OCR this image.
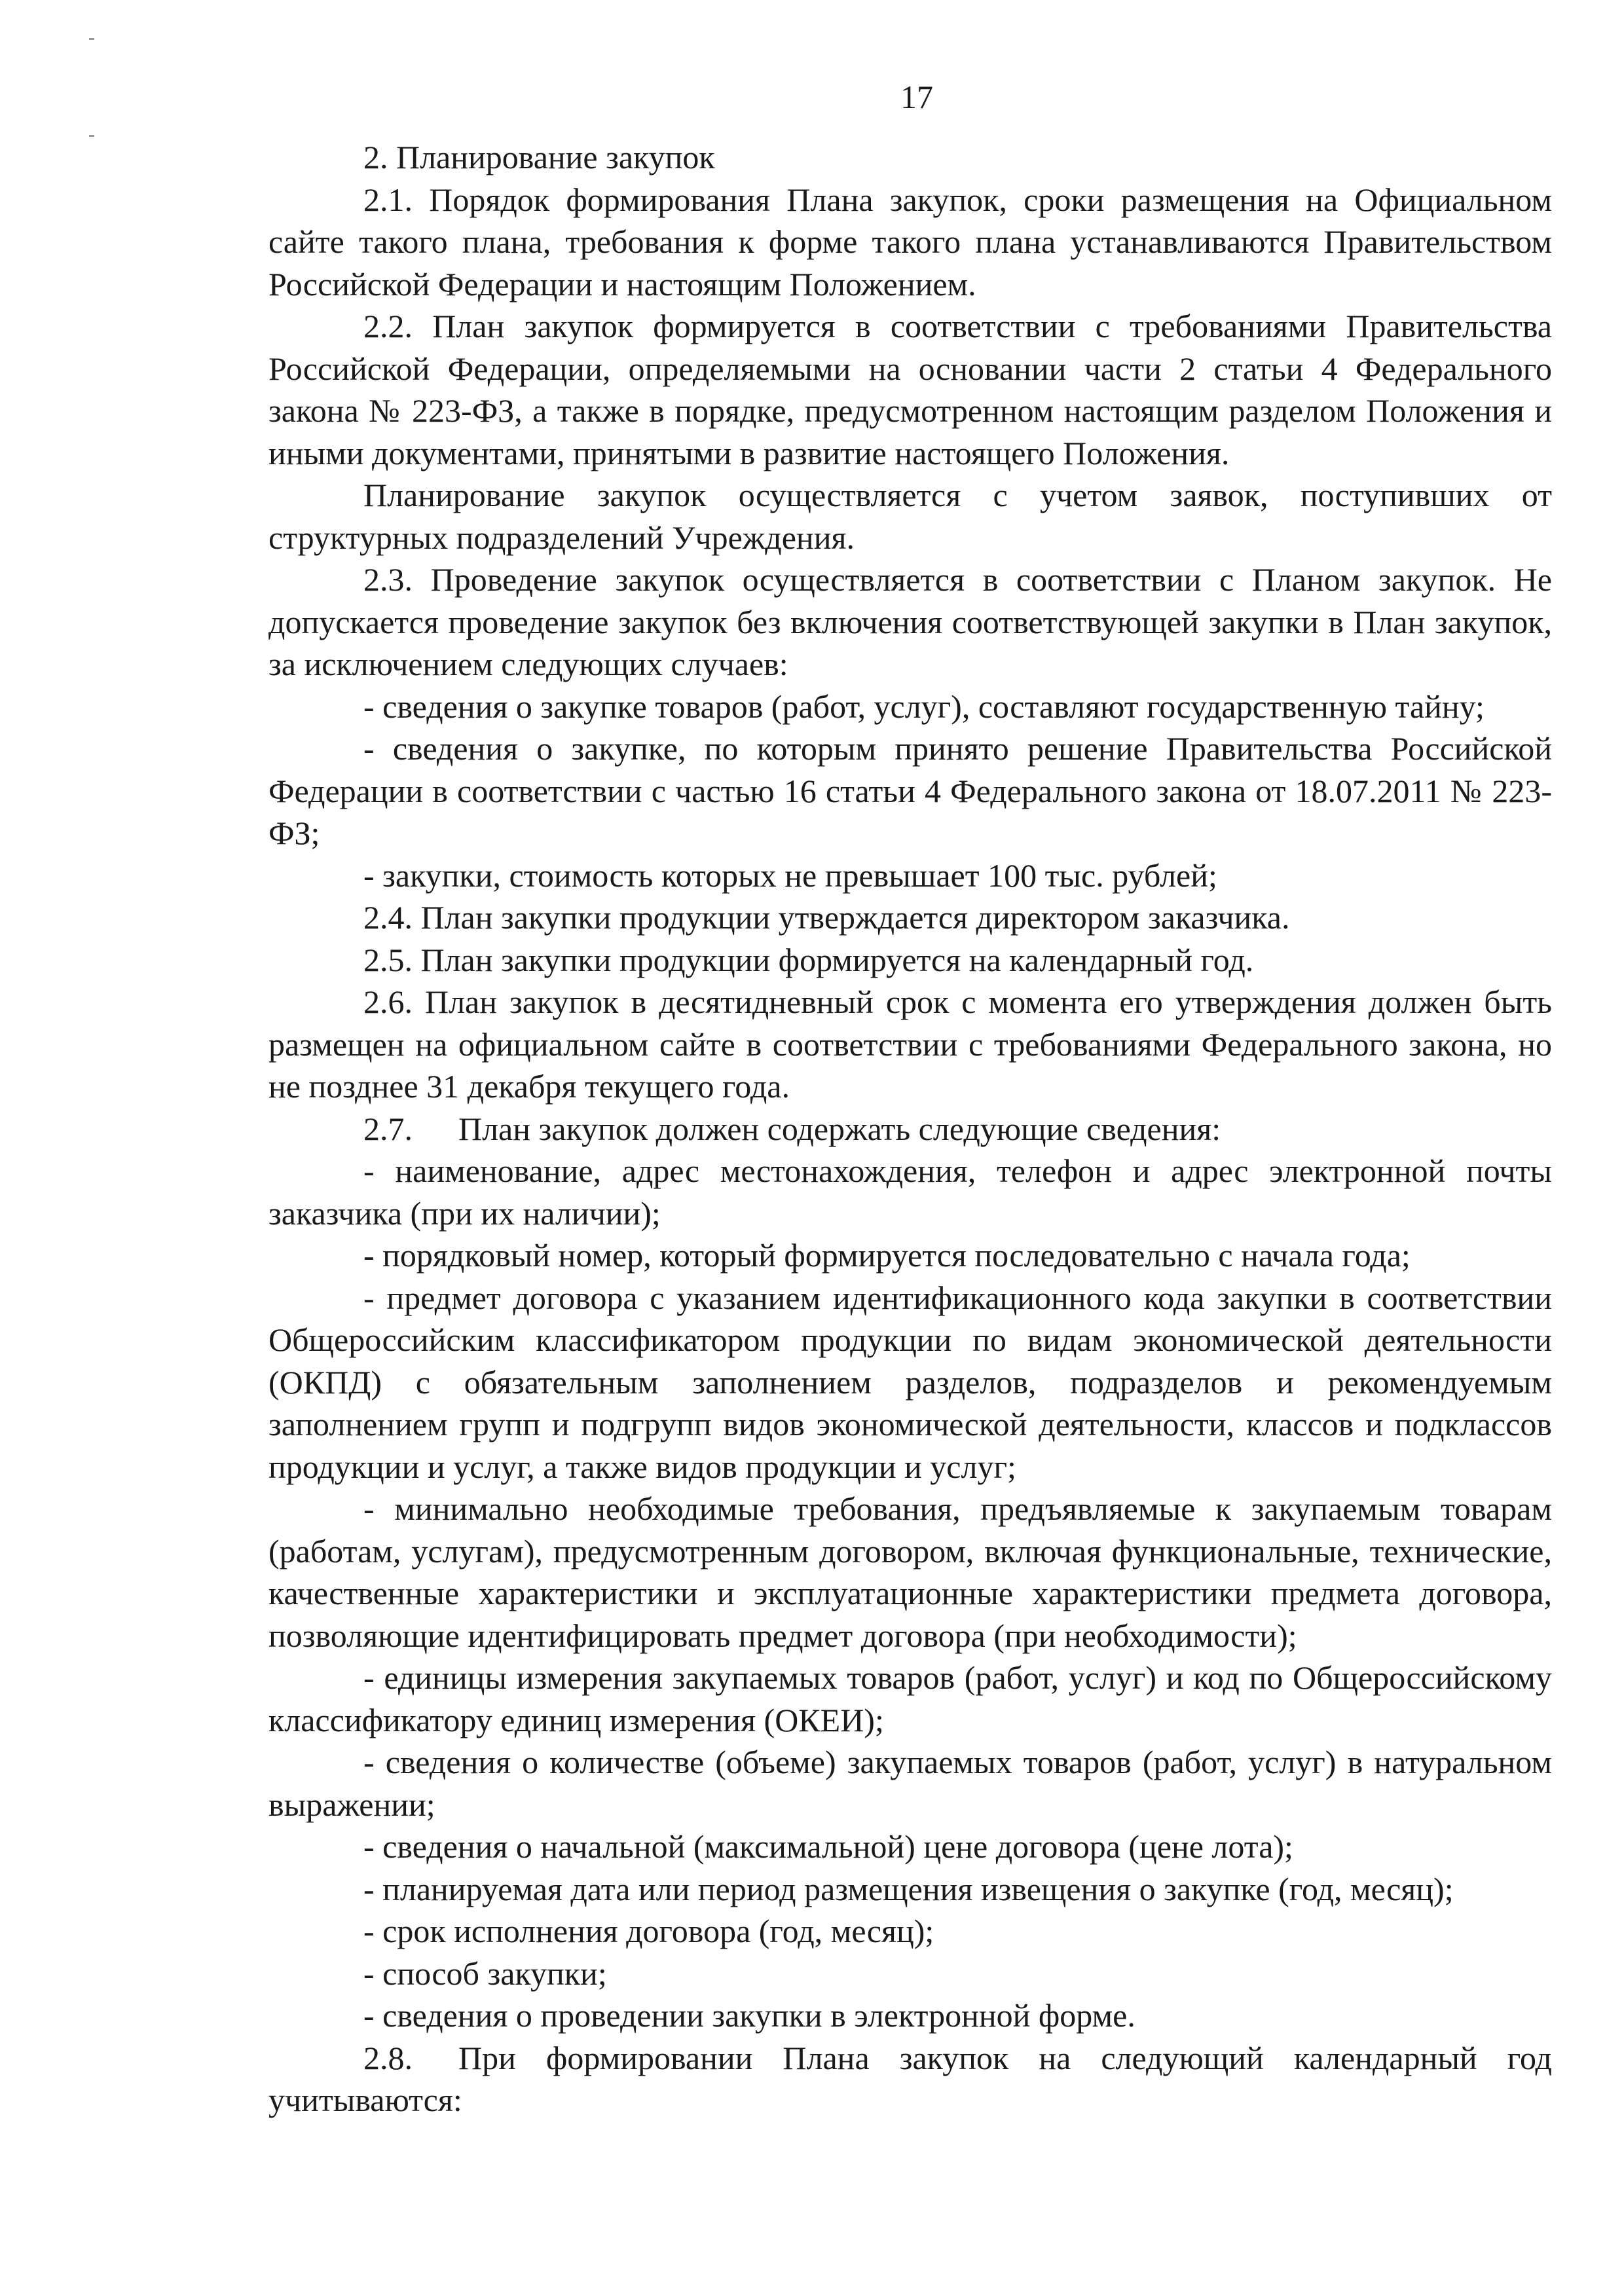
17

2. Планирование закупок

2.1. Порядок формирования Плана закупок, сроки размещения на Официальном сайте такого плана, требования к форме такого плана устанавливаются Правительством Российской Федерации и настоящим Положением.

2.2. План закупок формируется в соответствии с требованиями Правительства Российской Федерации, определяемыми на основании части 2 статьи 4 Федерального закона № 223-ФЗ, а также в порядке, предусмотренном настоящим разделом Положения и иными документами, принятыми в развитие настоящего Положения.

Планирование закупок осуществляется с учетом заявок, поступивших от структурных подразделений Учреждения.

2.3. Проведение закупок осуществляется в соответствии с Планом закупок. Не допускается проведение закупок без включения соответствующей закупки в План закупок, за исключением следующих случаев:

- сведения о закупке товаров (работ, услуг), составляют государственную тайну;

- сведения о закупке, по которым принято решение Правительства Российской Федерации в соответствии с частью 16 статьи 4 Федерального закона от 18.07.2011 № 223-ФЗ;

- закупки, стоимость которых не превышает 100 тыс. рублей;

2.4. План закупки продукции утверждается директором заказчика.

2.5. План закупки продукции формируется на календарный год.

2.6. План закупок в десятидневный срок с момента его утверждения должен быть размещен на официальном сайте в соответствии с требованиями Федерального закона, но не позднее 31 декабря текущего года.

2.7. План закупок должен содержать следующие сведения:

- наименование, адрес местонахождения, телефон и адрес электронной почты заказчика (при их наличии);

- порядковый номер, который формируется последовательно с начала года;

- предмет договора с указанием идентификационного кода закупки в соответствии Общероссийским классификатором продукции по видам экономической деятельности (ОКПД) с обязательным заполнением разделов, подразделов и рекомендуемым заполнением групп и подгрупп видов экономической деятельности, классов и подклассов продукции и услуг, а также видов продукции и услуг;

- минимально необходимые требования, предъявляемые к закупаемым товарам (работам, услугам), предусмотренным договором, включая функциональные, технические, качественные характеристики и эксплуатационные характеристики предмета договора, позволяющие идентифицировать предмет договора (при необходимости);

- единицы измерения закупаемых товаров (работ, услуг) и код по Общероссийскому классификатору единиц измерения (ОКЕИ);

- сведения о количестве (объеме) закупаемых товаров (работ, услуг) в натуральном выражении;

- сведения о начальной (максимальной) цене договора (цене лота);

- планируемая дата или период размещения извещения о закупке (год, месяц);

- срок исполнения договора (год, месяц);

- способ закупки;

- сведения о проведении закупки в электронной форме.

2.8. При формировании Плана закупок на следующий календарный год учитываются:
